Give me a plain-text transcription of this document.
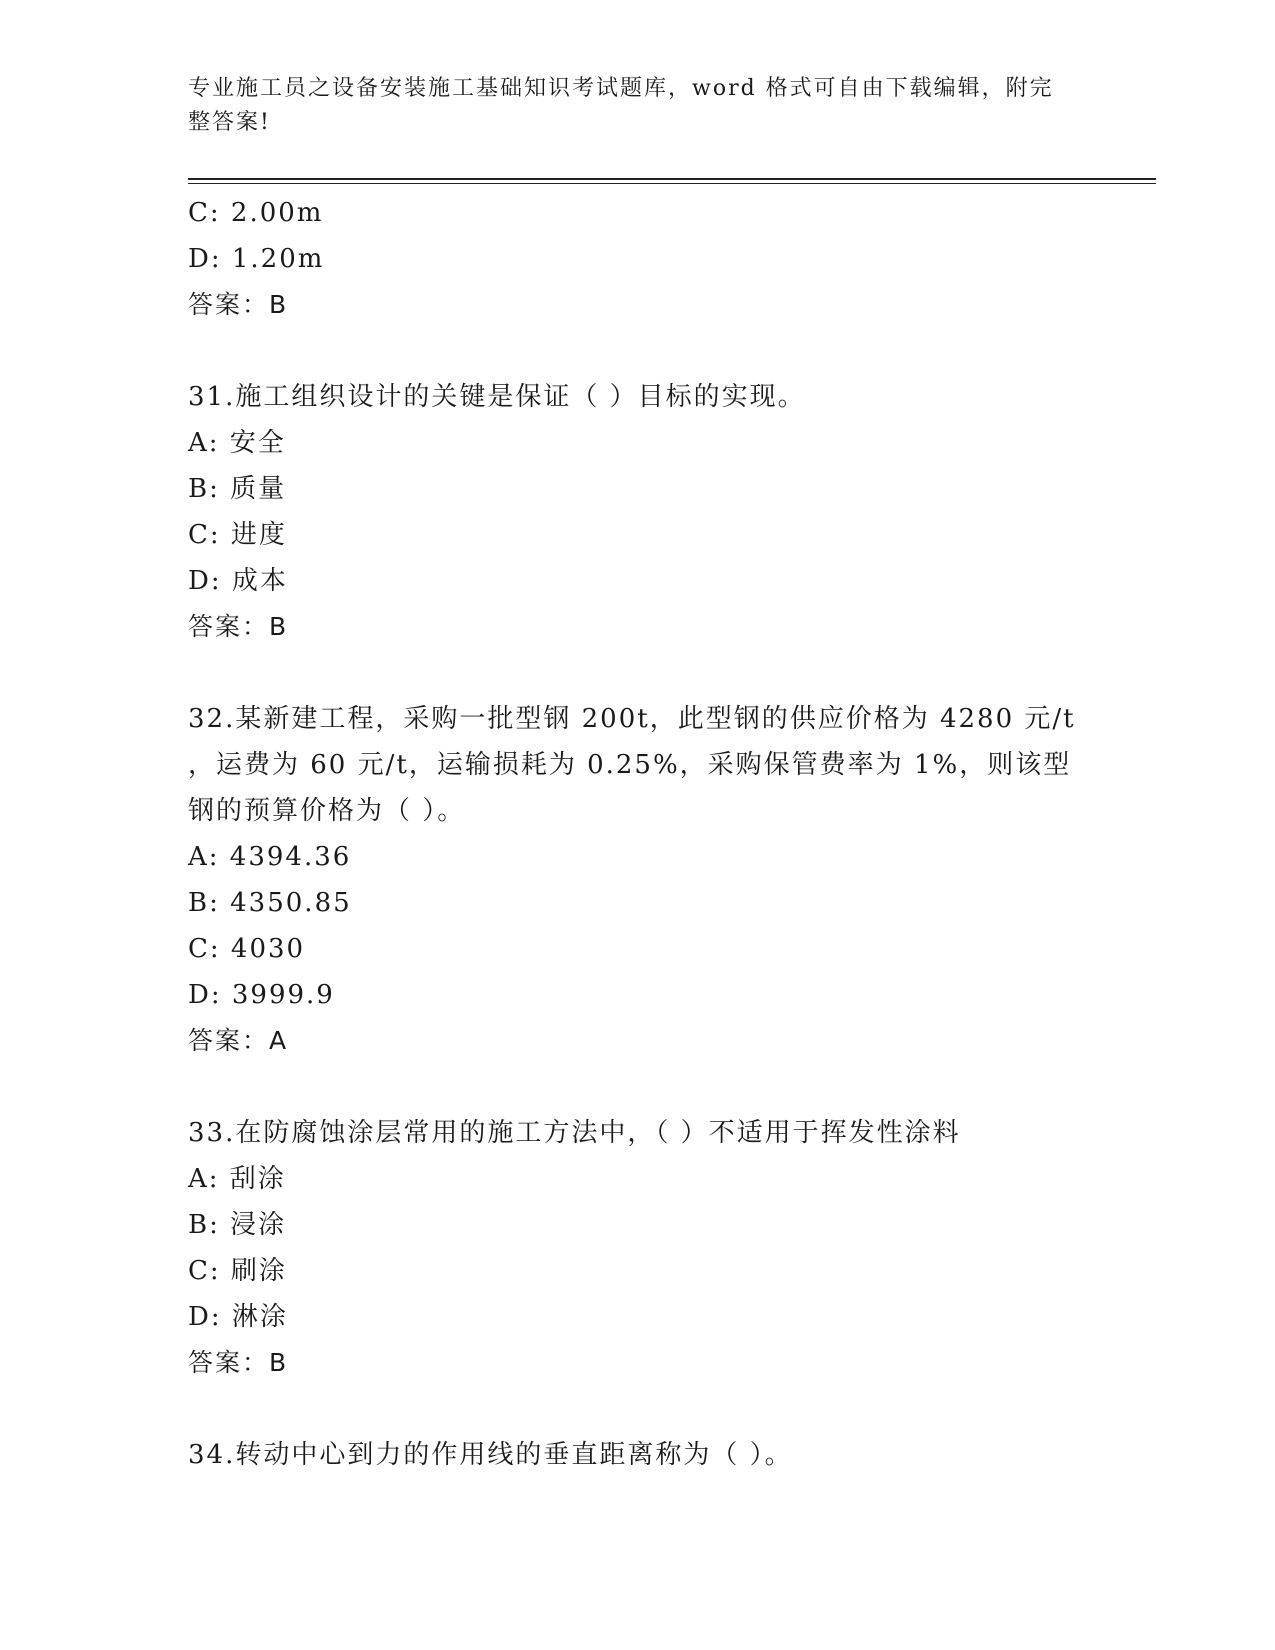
专业施工员之设备安装施工基础知识考试题库，word 格式可自由下载编辑，附完
整答案!
C: 2.00m
D: 1.20m
答案：B
31.施工组织设计的关键是保证（ ）目标的实现。
A: 安全
B: 质量
C: 进度
D: 成本
答案：B
32.某新建工程，采购一批型钢 200t，此型钢的供应价格为 4280 元/t
，运费为 60 元/t，运输损耗为 0.25%，采购保管费率为 1%，则该型
钢的预算价格为（ ）。
A: 4394.36
B: 4350.85
C: 4030
D: 3999.9
答案：A
33.在防腐蚀涂层常用的施工方法中，（ ）不适用于挥发性涂料
A: 刮涂
B: 浸涂
C: 刷涂
D: 淋涂
答案：B
34.转动中心到力的作用线的垂直距离称为（ ）。
